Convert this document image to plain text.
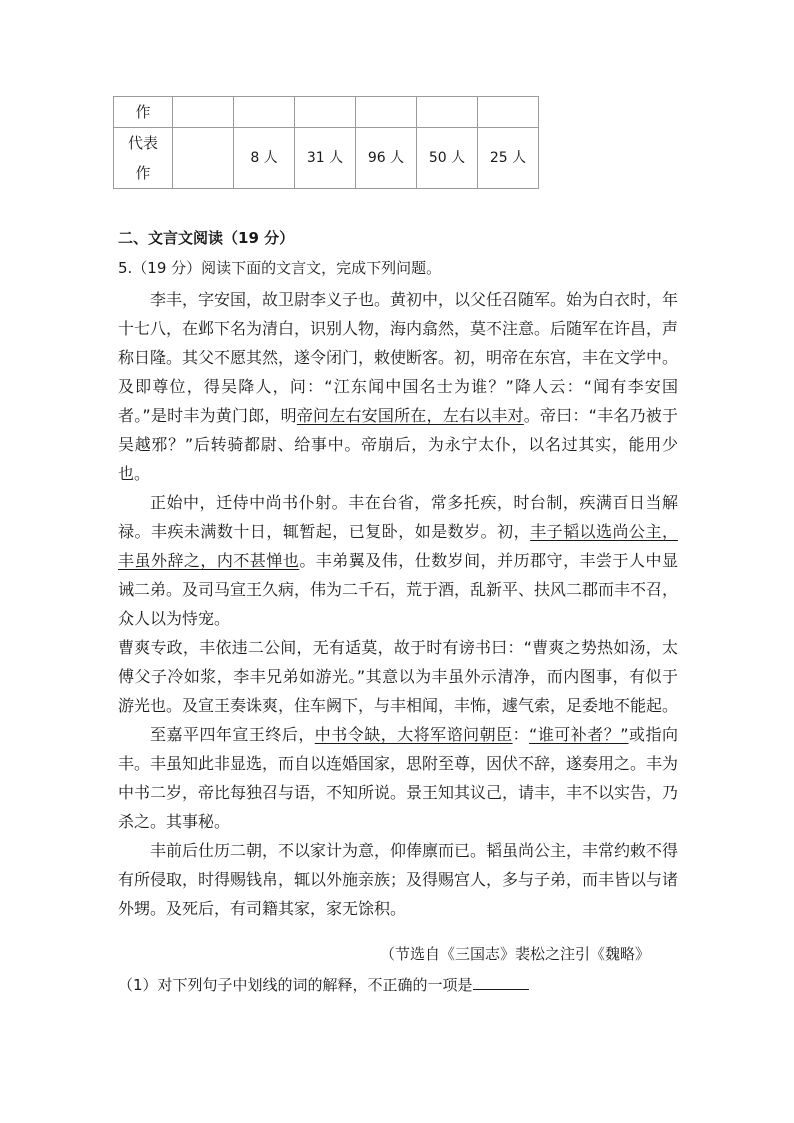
作						

代表
作		8 人	31 人	96 人	50 人	25 人
二、文言文阅读（19 分）
5.（19 分）阅读下面的文言文，完成下列问题。

李丰，字安国，故卫尉李义子也。黄初中，以父任召随军。始为白衣时，年十七八，在邺下名为清白，识别人物，海内翕然，莫不注意。后随军在许昌，声称日隆。其父不愿其然，遂令闭门，敕使断客。初，明帝在东宫，丰在文学中。及即尊位，得吴降人，问：“江东闻中国名士为谁？”降人云：“闻有李安国者。”是时丰为黄门郎，明帝问左右安国所在，左右以丰对。帝曰：“丰名乃被于吴越邪？”后转骑都尉、给事中。帝崩后，为永宁太仆，以名过其实，能用少也。

正始中，迁侍中尚书仆射。丰在台省，常多托疾，时台制，疾满百日当解禄。丰疾未满数十日，辄暂起，已复卧，如是数岁。初，丰子韬以选尚公主，丰虽外辞之，内不甚惮也。丰弟翼及伟，仕数岁间，并历郡守，丰尝于人中显诫二弟。及司马宣王久病，伟为二千石，荒于酒，乱新平、扶风二郡而丰不召，众人以为恃宠。

曹爽专政，丰依违二公间，无有适莫，故于时有谤书曰：“曹爽之势热如汤，太傅父子冷如浆，李丰兄弟如游光。”其意以为丰虽外示清净，而内图事，有似于游光也。及宣王奏诛爽，住车阙下，与丰相闻，丰怖，遽气索，足委地不能起。

至嘉平四年宣王终后，中书令缺，大将军谘问朝臣：“谁可补者？”或指向丰。丰虽知此非显选，而自以连婚国家，思附至尊，因伏不辞，遂奏用之。丰为中书二岁，帝比每独召与语，不知所说。景王知其议己，请丰，丰不以实告，乃杀之。其事秘。

丰前后仕历二朝，不以家计为意，仰俸廪而已。韬虽尚公主，丰常约敕不得有所侵取，时得赐钱帛，辄以外施亲族；及得赐宫人，多与子弟，而丰皆以与诸外甥。及死后，有司籍其家，家无馀积。

（节选自《三国志》裴松之注引《魏略》
（1）对下列句子中划线的词的解释，不正确的一项是
